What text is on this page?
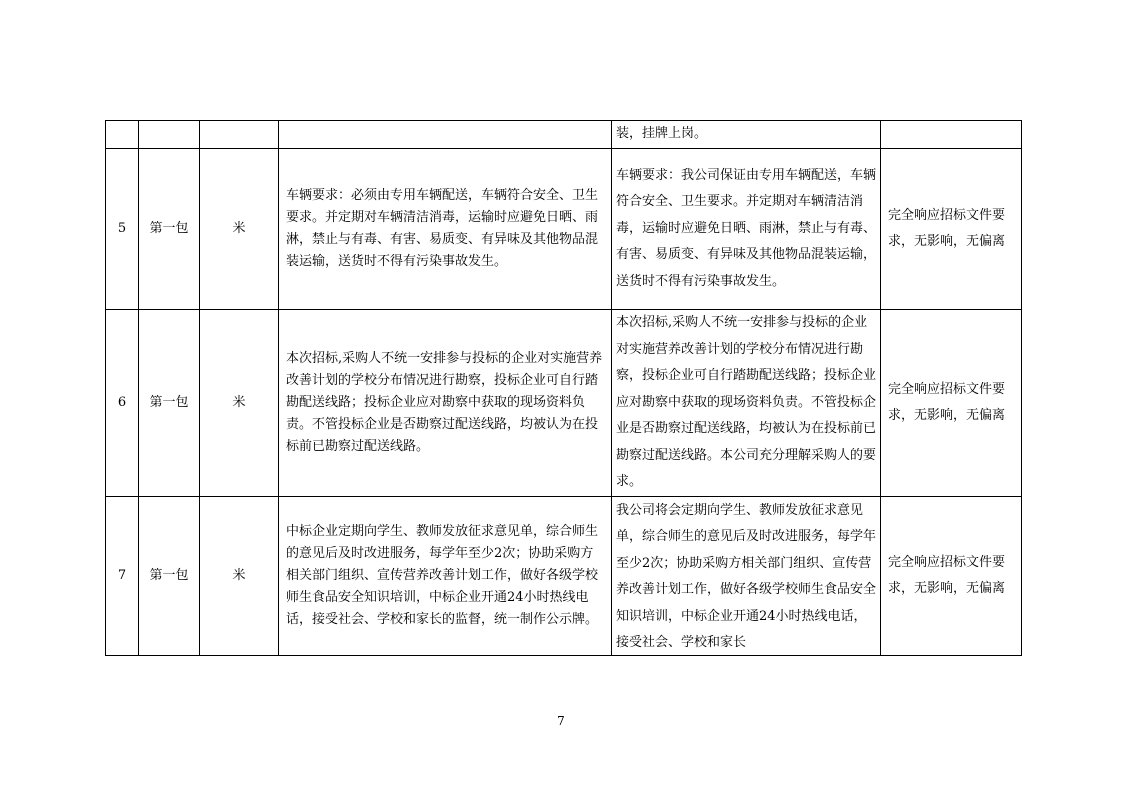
				装，挂牌上岗。	

5	第一包	米	车辆要求：必须由专用车辆配送，车辆符合安全、卫生要求。并定期对车辆清洁消毒，运输时应避免日晒、雨淋，禁止与有毒、有害、易质变、有异味及其他物品混装运输，送货时不得有污染事故发生。	车辆要求：我公司保证由专用车辆配送，车辆符合安全、卫生要求。并定期对车辆清洁消毒，运输时应避免日晒、雨淋，禁止与有毒、有害、易质变、有异味及其他物品混装运输，送货时不得有污染事故发生。	完全响应招标文件要求，无影响，无偏离

6	第一包	米	本次招标,采购人不统一安排参与投标的企业对实施营养改善计划的学校分布情况进行勘察，投标企业可自行踏勘配送线路；投标企业应对勘察中获取的现场资料负责。不管投标企业是否勘察过配送线路，均被认为在投标前已勘察过配送线路。	本次招标,采购人不统一安排参与投标的企业对实施营养改善计划的学校分布情况进行勘察，投标企业可自行踏勘配送线路；投标企业应对勘察中获取的现场资料负责。不管投标企业是否勘察过配送线路，均被认为在投标前已勘察过配送线路。本公司充分理解采购人的要求。	完全响应招标文件要求，无影响，无偏离

7	第一包	米	中标企业定期向学生、教师发放征求意见单，综合师生的意见后及时改进服务，每学年至少2次；协助采购方相关部门组织、宣传营养改善计划工作，做好各级学校师生食品安全知识培训，中标企业开通24小时热线电话，接受社会、学校和家长的监督，统一制作公示牌。	我公司将会定期向学生、教师发放征求意见单，综合师生的意见后及时改进服务，每学年至少2次；协助采购方相关部门组织、宣传营养改善计划工作，做好各级学校师生食品安全知识培训，中标企业开通24小时热线电话，接受社会、学校和家长	完全响应招标文件要求，无影响，无偏离
7
